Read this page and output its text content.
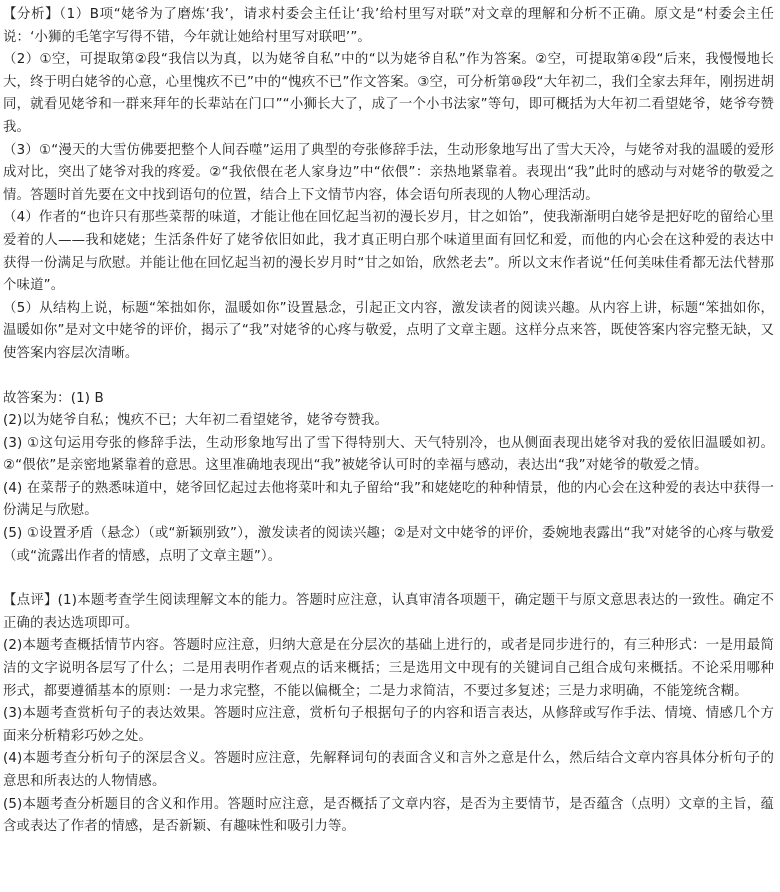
【分析】（1）B项“姥爷为了磨炼‘我’，请求村委会主任让‘我’给村里写对联”对文章的理解和分析不正确。原文是“村委会主任说：‘小狮的毛笔字写得不错，今年就让她给村里写对联吧’”。

（2）①空，可提取第②段“我信以为真，以为姥爷自私”中的“以为姥爷自私”作为答案。②空，可提取第④段“后来，我慢慢地长大，终于明白姥爷的心意，心里愧疚不已”中的“愧疚不已”作文答案。③空，可分析第⑩段“大年初二，我们全家去拜年，刚拐进胡同，就看见姥爷和一群来拜年的长辈站在门口”“小狮长大了，成了一个小书法家”等句，即可概括为大年初二看望姥爷，姥爷夸赞我。

（3）①“漫天的大雪仿佛要把整个人间吞噬”运用了典型的夸张修辞手法，生动形象地写出了雪大天冷，与姥爷对我的温暖的爱形成对比，突出了姥爷对我的疼爱。②“我依偎在老人家身边”中“依偎”：亲热地紧靠着。表现出“我”此时的感动与对姥爷的敬爱之情。答题时首先要在文中找到语句的位置，结合上下文情节内容，体会语句所表现的人物心理活动。

（4）作者的“也许只有那些菜帮的味道，才能让他在回忆起当初的漫长岁月，甘之如饴”，使我渐渐明白姥爷是把好吃的留给心里爱着的人——我和姥姥；生活条件好了姥爷依旧如此，我才真正明白那个味道里面有回忆和爱，而他的内心会在这种爱的表达中获得一份满足与欣慰。并能让他在回忆起当初的漫长岁月时“甘之如饴，欣然老去”。所以文末作者说“任何美味佳肴都无法代替那个味道”。

（5）从结构上说，标题“笨拙如你，温暖如你”设置悬念，引起正文内容，激发读者的阅读兴趣。从内容上讲，标题“笨拙如你，温暖如你”是对文中姥爷的评价，揭示了“我”对姥爷的心疼与敬爱，点明了文章主题。这样分点来答，既使答案内容完整无缺，又使答案内容层次清晰。

故答案为：(1) B

(2)以为姥爷自私；愧疚不已；大年初二看望姥爷，姥爷夸赞我。

(3) ①这句运用夸张的修辞手法，生动形象地写出了雪下得特别大、天气特别冷，也从侧面表现出姥爷对我的爱依旧温暖如初。②“偎依”是亲密地紧靠着的意思。这里准确地表现出“我”被姥爷认可时的幸福与感动，表达出“我”对姥爷的敬爱之情。

(4) 在菜帮子的熟悉味道中，姥爷回忆起过去他将菜叶和丸子留给“我”和姥姥吃的种种情景，他的内心会在这种爱的表达中获得一份满足与欣慰。

(5) ①设置矛盾（悬念）（或“新颖别致”），激发读者的阅读兴趣；②是对文中姥爷的评价，委婉地表露出“我”对姥爷的心疼与敬爱（或“流露出作者的情感，点明了文章主题”）。

【点评】(1)本题考查学生阅读理解文本的能力。答题时应注意，认真审清各项题干，确定题干与原文意思表达的一致性。确定不正确的表达选项即可。

(2)本题考查概括情节内容。答题时应注意，归纳大意是在分层次的基础上进行的，或者是同步进行的，有三种形式：一是用最简洁的文字说明各层写了什么；二是用表明作者观点的话来概括；三是选用文中现有的关键词自己组合成句来概括。不论采用哪种形式，都要遵循基本的原则：一是力求完整，不能以偏概全；二是力求简洁，不要过多复述；三是力求明确，不能笼统含糊。

(3)本题考查赏析句子的表达效果。答题时应注意，赏析句子根据句子的内容和语言表达，从修辞或写作手法、情境、情感几个方面来分析精彩巧妙之处。

(4)本题考查分析句子的深层含义。答题时应注意，先解释词句的表面含义和言外之意是什么，然后结合文章内容具体分析句子的意思和所表达的人物情感。

(5)本题考查分析题目的含义和作用。答题时应注意，是否概括了文章内容，是否为主要情节，是否蕴含（点明）文章的主旨，蕴含或表达了作者的情感，是否新颖、有趣味性和吸引力等。
